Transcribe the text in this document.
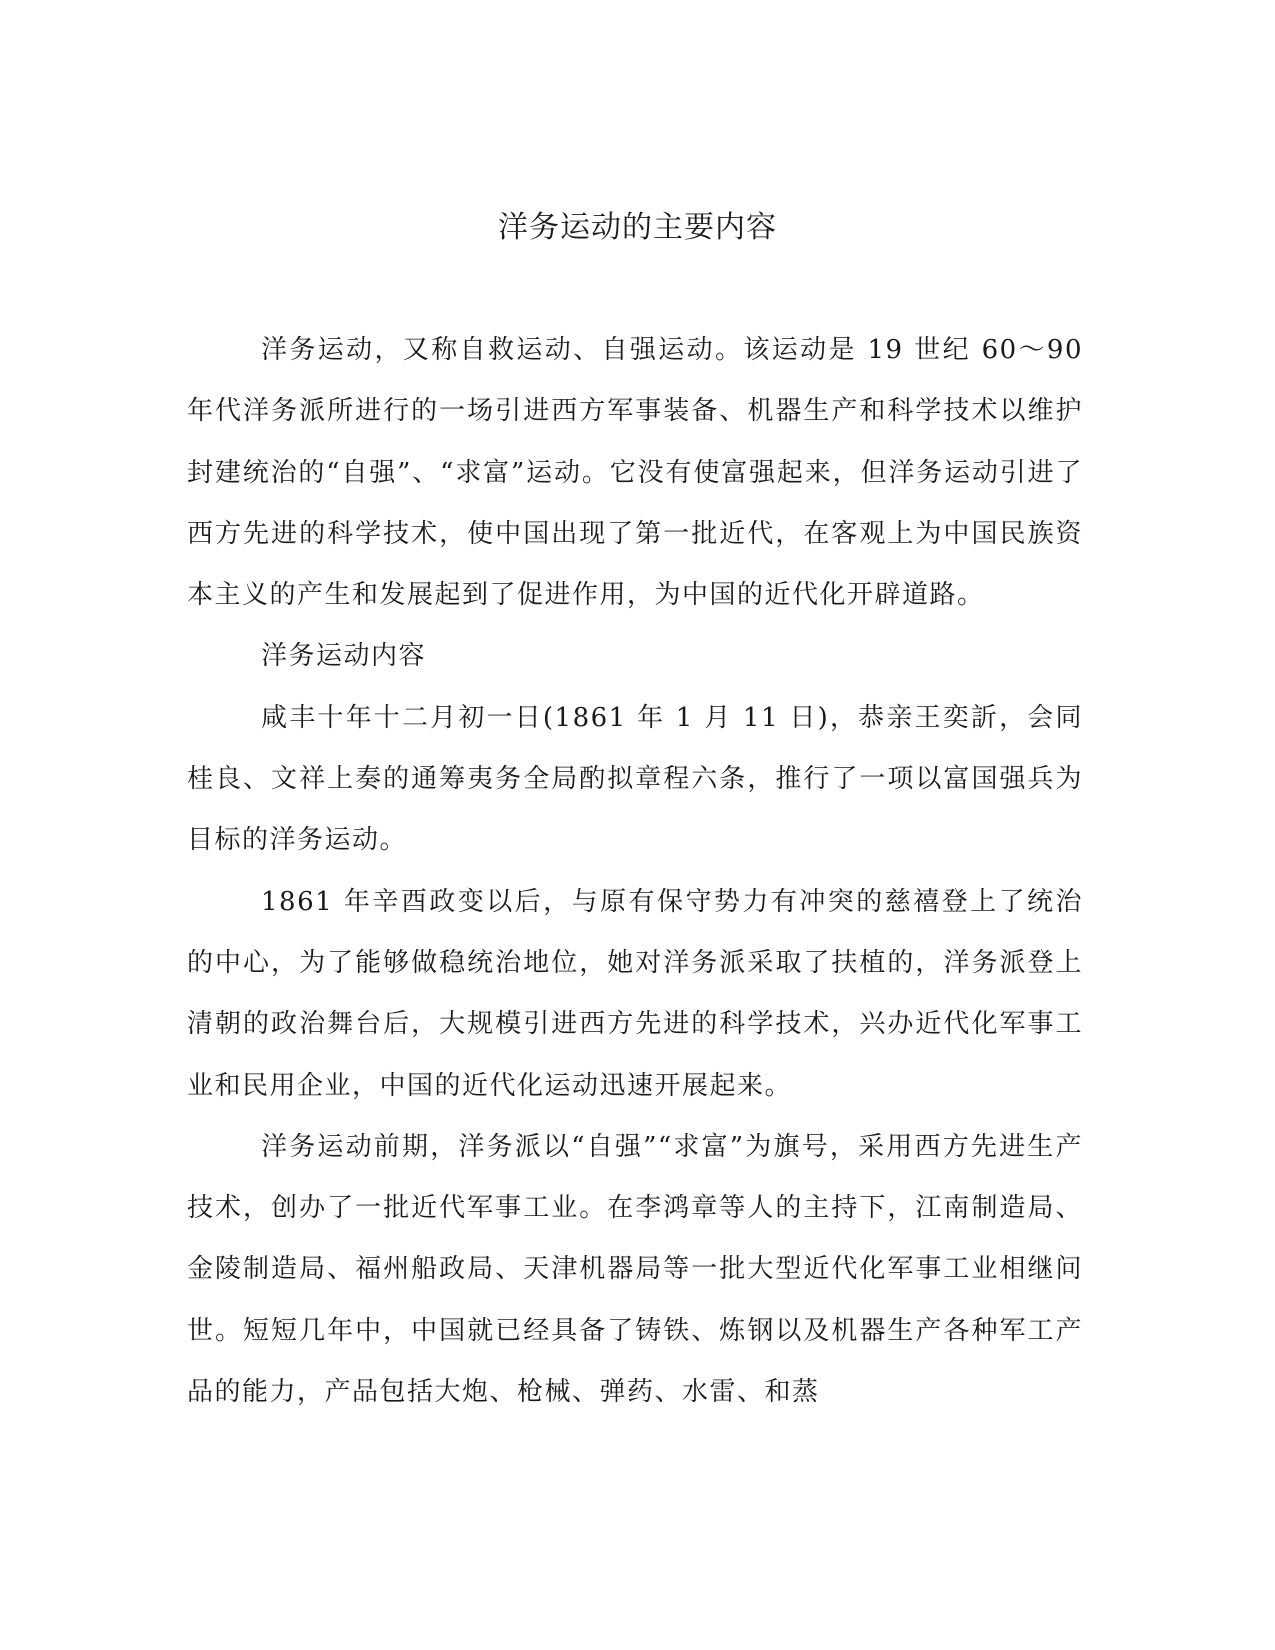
洋务运动的主要内容

洋务运动，又称自救运动、自强运动。该运动是 19 世纪 60～90 年代洋务派所进行的一场引进西方军事装备、机器生产和科学技术以维护封建统治的“自强”、“求富”运动。它没有使富强起来，但洋务运动引进了西方先进的科学技术，使中国出现了第一批近代，在客观上为中国民族资本主义的产生和发展起到了促进作用，为中国的近代化开辟道路。

洋务运动内容

咸丰十年十二月初一日(1861 年 1 月 11 日)，恭亲王奕訢，会同桂良、文祥上奏的通筹夷务全局酌拟章程六条，推行了一项以富国强兵为目标的洋务运动。

1861 年辛酉政变以后，与原有保守势力有冲突的慈禧登上了统治的中心，为了能够做稳统治地位，她对洋务派采取了扶植的，洋务派登上清朝的政治舞台后，大规模引进西方先进的科学技术，兴办近代化军事工业和民用企业，中国的近代化运动迅速开展起来。

洋务运动前期，洋务派以“自强”“求富”为旗号，采用西方先进生产技术，创办了一批近代军事工业。在李鸿章等人的主持下，江南制造局、金陵制造局、福州船政局、天津机器局等一批大型近代化军事工业相继问世。短短几年中，中国就已经具备了铸铁、炼钢以及机器生产各种军工产品的能力，产品包括大炮、枪械、弹药、水雷、和蒸
